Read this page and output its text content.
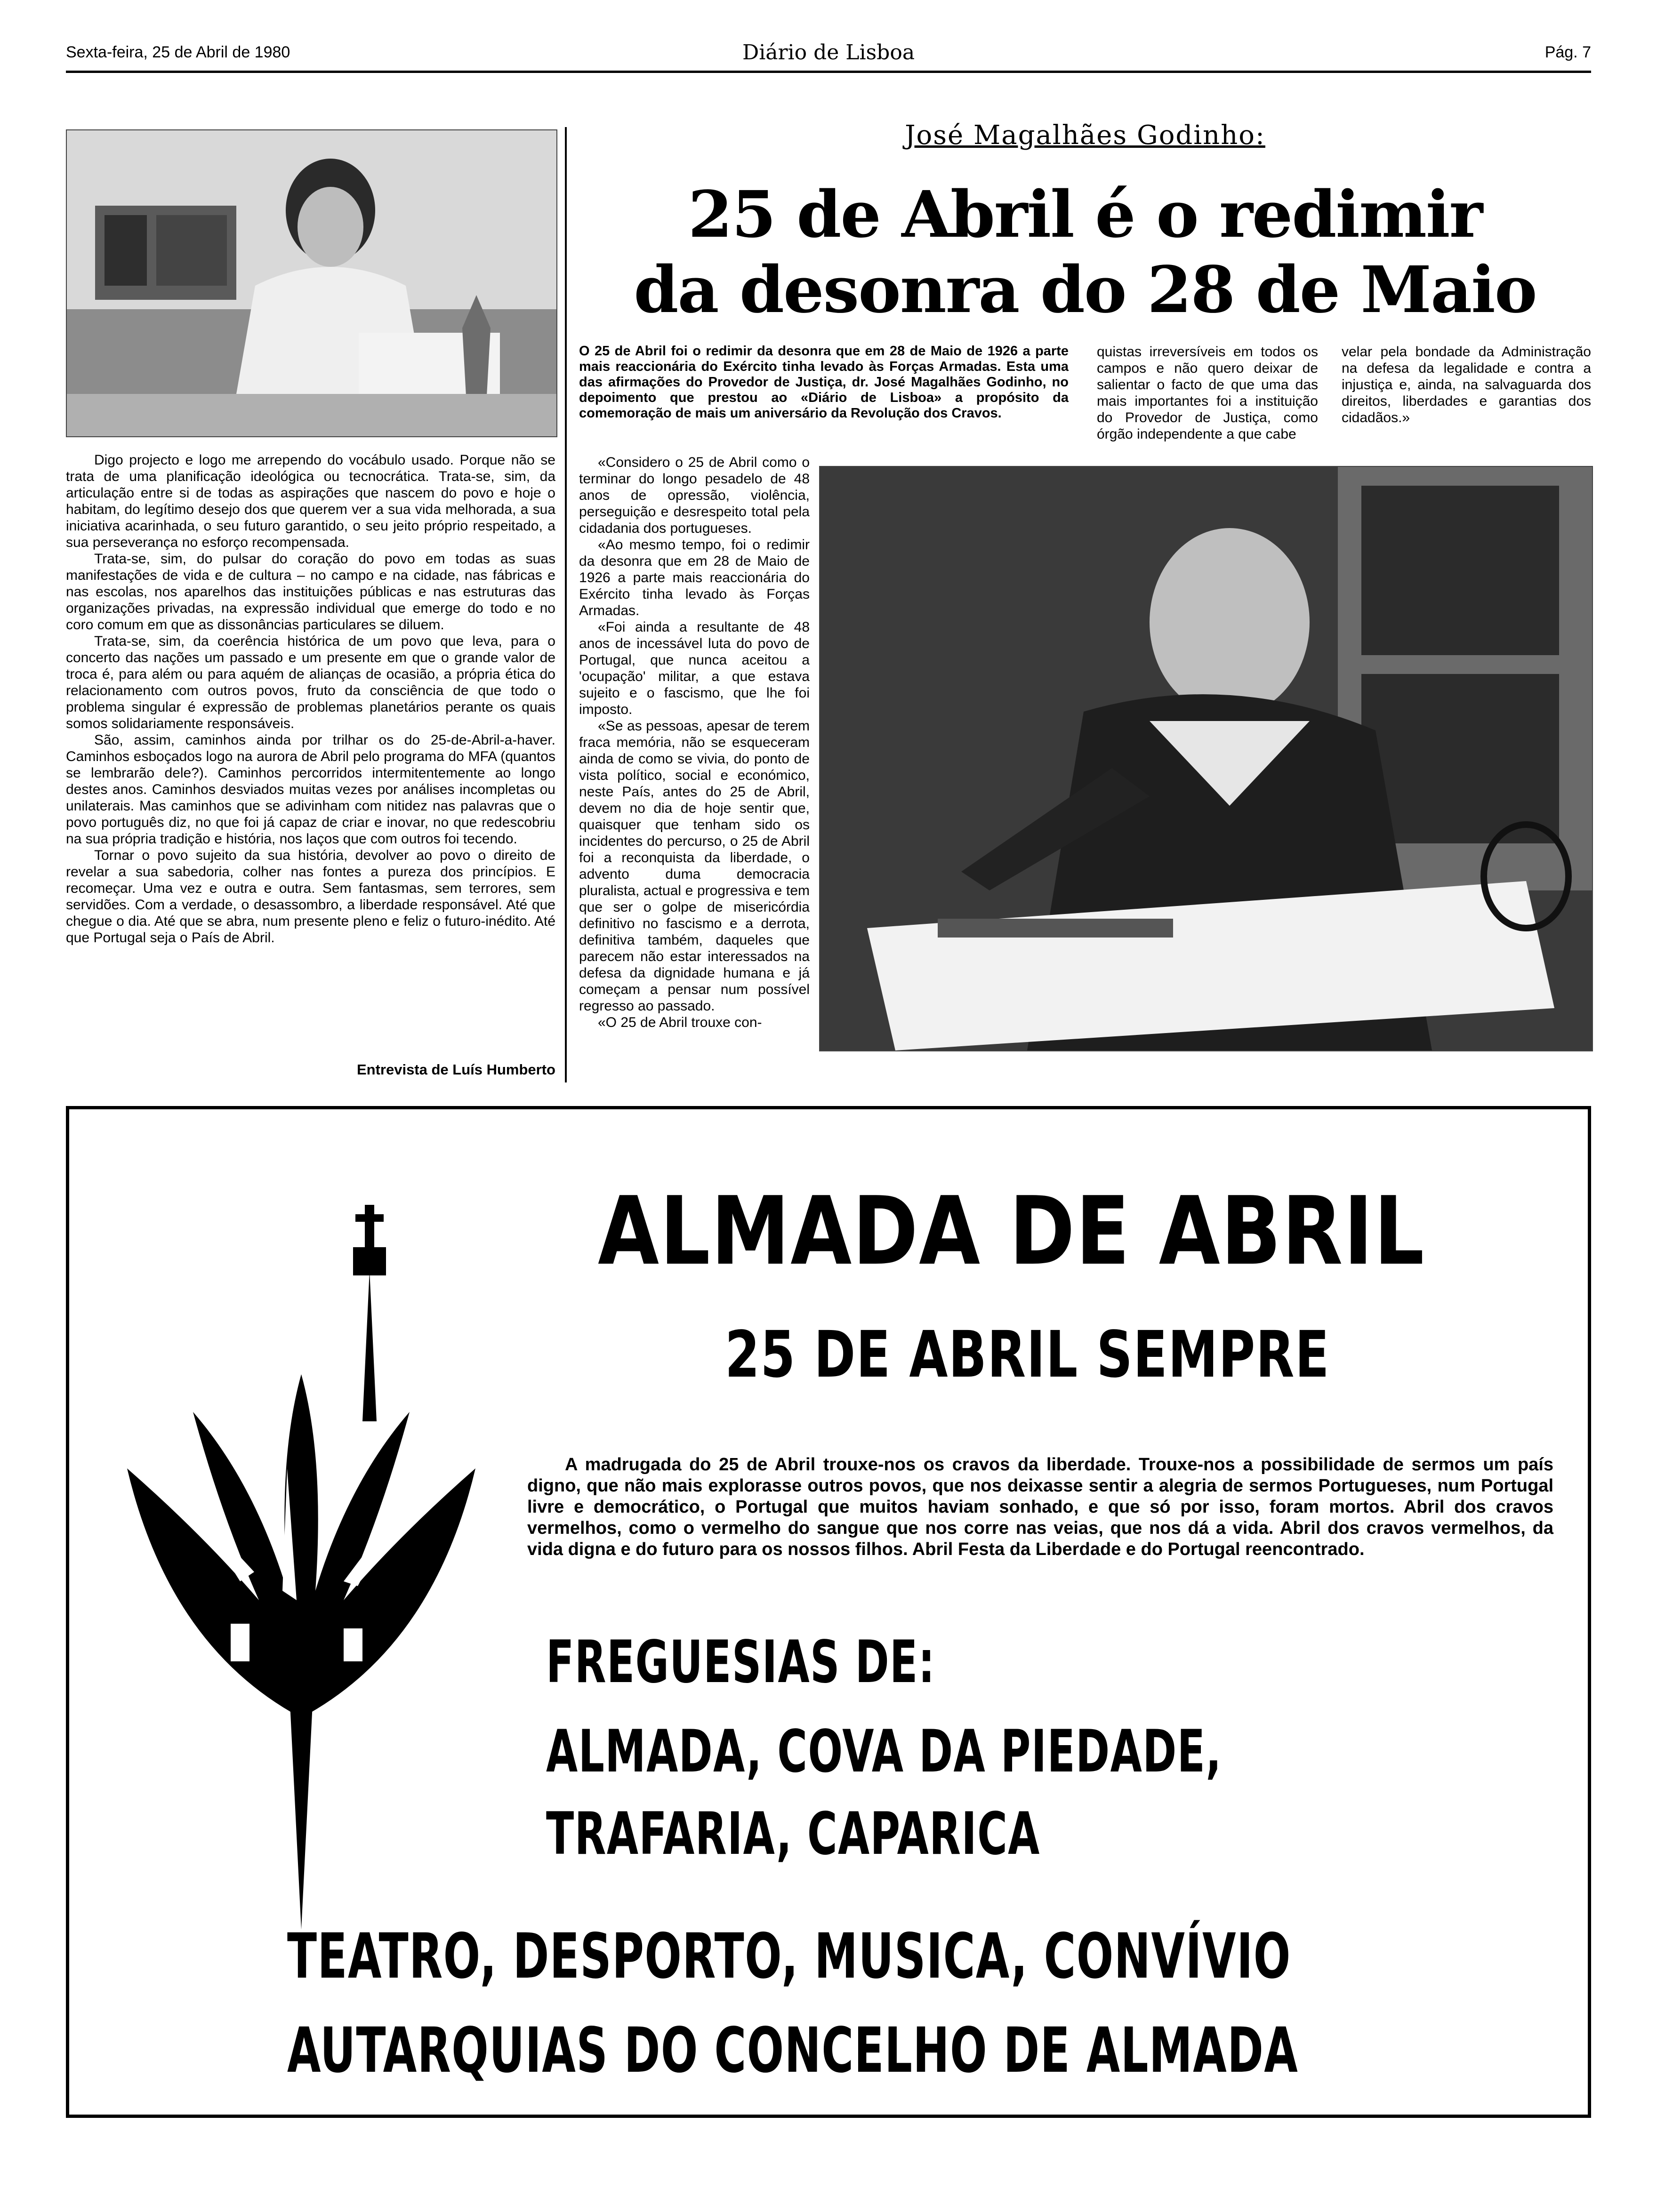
Sexta-feira, 25 de Abril de 1980	Diário de Lisboa	Pág. 7

Digo projecto e logo me arrependo do vocábulo usado. Porque não se trata de uma planificação ideológica ou tecnocrática. Trata-se, sim, da articulação entre si de todas as aspirações que nascem do povo e hoje o habitam, do legítimo desejo dos que querem ver a sua vida melhorada, a sua iniciativa acarinhada, o seu futuro garantido, o seu jeito próprio respeitado, a sua perseverança no esforço recompensada.

Trata-se, sim, do pulsar do coração do povo em todas as suas manifestações de vida e de cultura – no campo e na cidade, nas fábricas e nas escolas, nos aparelhos das instituições públicas e nas estruturas das organizações privadas, na expressão individual que emerge do todo e no coro comum em que as dissonâncias particulares se diluem.

Trata-se, sim, da coerência histórica de um povo que leva, para o concerto das nações um passado e um presente em que o grande valor de troca é, para além ou para aquém de alianças de ocasião, a própria ética do relacionamento com outros povos, fruto da consciência de que todo o problema singular é expressão de problemas planetários perante os quais somos solidariamente responsáveis.

São, assim, caminhos ainda por trilhar os do 25-de-Abril-a-haver. Caminhos esboçados logo na aurora de Abril pelo programa do MFA (quantos se lembrarão dele?). Caminhos percorridos intermitentemente ao longo destes anos. Caminhos desviados muitas vezes por análises incompletas ou unilaterais. Mas caminhos que se adivinham com nitidez nas palavras que o povo português diz, no que foi já capaz de criar e inovar, no que redescobriu na sua própria tradição e história, nos laços que com outros foi tecendo.

Tornar o povo sujeito da sua história, devolver ao povo o direito de revelar a sua sabedoria, colher nas fontes a pureza dos princípios. E recomeçar. Uma vez e outra e outra. Sem fantasmas, sem terrores, sem servidões. Com a verdade, o desassombro, a liberdade responsável. Até que chegue o dia. Até que se abra, num presente pleno e feliz o futuro-inédito. Até que Portugal seja o País de Abril.

Entrevista de Luís Humberto
José Magalhães Godinho:
25 de Abril é o redimir
da desonra do 28 de Maio
O 25 de Abril foi o redimir da desonra que em 28 de Maio de 1926 a parte mais reaccionária do Exército tinha levado às Forças Armadas. Esta uma das afirmações do Provedor de Justiça, dr. José Magalhães Godinho, no depoimento que prestou ao «Diário de Lisboa» a propósito da comemoração de mais um aniversário da Revolução dos Cravos.
quistas irreversíveis em todos os campos e não quero deixar de salientar o facto de que uma das mais importantes foi a instituição do Provedor de Justiça, como órgão independente a que cabe
velar pela bondade da Administração na defesa da legalidade e contra a injustiça e, ainda, na salvaguarda dos direitos, liberdades e garantias dos cidadãos.»

«Considero o 25 de Abril como o terminar do longo pesadelo de 48 anos de opressão, violência, perseguição e desrespeito total pela cidadania dos portugueses.

«Ao mesmo tempo, foi o redimir da desonra que em 28 de Maio de 1926 a parte mais reaccionária do Exército tinha levado às Forças Armadas.

«Foi ainda a resultante de 48 anos de incessável luta do povo de Portugal, que nunca aceitou a 'ocupação' militar, a que estava sujeito e o fascismo, que lhe foi imposto.

«Se as pessoas, apesar de terem fraca memória, não se esqueceram ainda de como se vivia, do ponto de vista político, social e económico, neste País, antes do 25 de Abril, devem no dia de hoje sentir que, quaisquer que tenham sido os incidentes do percurso, o 25 de Abril foi a reconquista da liberdade, o advento duma democracia pluralista, actual e progressiva e tem que ser o golpe de misericórdia definitivo no fascismo e a derrota, definitiva também, daqueles que parecem não estar interessados na defesa da dignidade humana e já começam a pensar num possível regresso ao passado.

«O 25 de Abril trouxe con-

ALMADA DE ABRIL
25 DE ABRIL SEMPRE
A madrugada do 25 de Abril trouxe-nos os cravos da liberdade. Trouxe-nos a possibilidade de sermos um país digno, que não mais explorasse outros povos, que nos deixasse sentir a alegria de sermos Portugueses, num Portugal livre e democrático, o Portugal que muitos haviam sonhado, e que só por isso, foram mortos. Abril dos cravos vermelhos, como o vermelho do sangue que nos corre nas veias, que nos dá a vida. Abril dos cravos vermelhos, da vida digna e do futuro para os nossos filhos. Abril Festa da Liberdade e do Portugal reencontrado.
FREGUESIAS DE:
ALMADA, COVA DA PIEDADE,
TRAFARIA, CAPARICA
TEATRO, DESPORTO, MUSICA, CONVÍVIO
AUTARQUIAS DO CONCELHO DE ALMADA
